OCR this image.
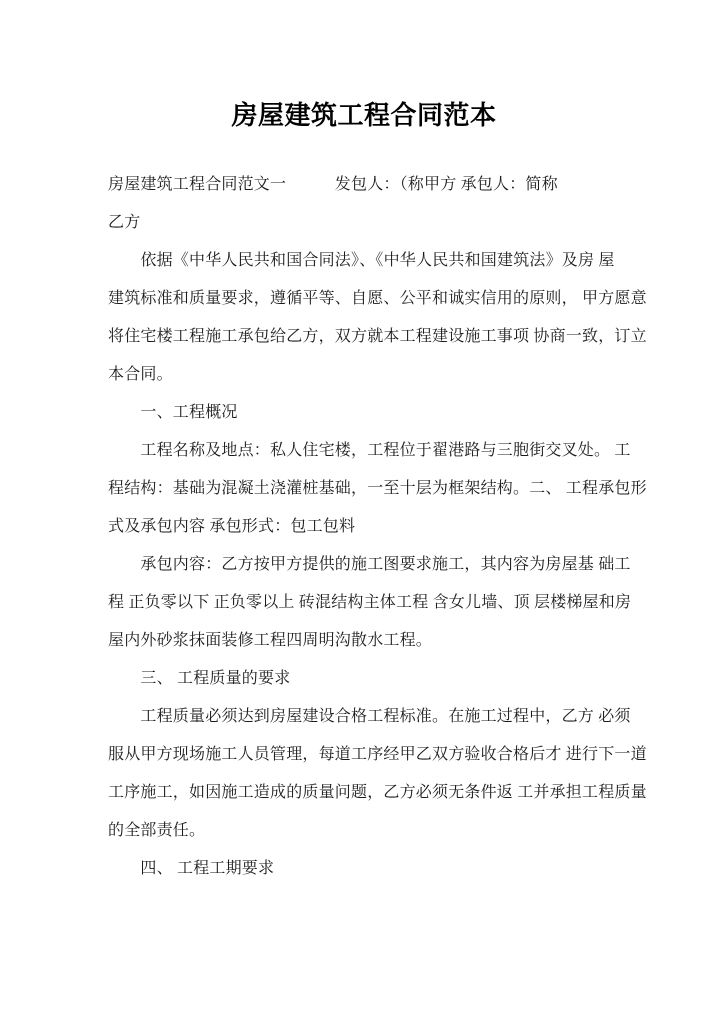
房屋建筑工程合同范本
房屋建筑工程合同范文一　　　发包人：（称甲方 承包人：简称
乙方
　　依据《中华人民共和国合同法》、《中华人民共和国建筑法》及房 屋
建筑标准和质量要求，遵循平等、自愿、公平和诚实信用的原则， 甲方愿意
将住宅楼工程施工承包给乙方，双方就本工程建设施工事项 协商一致，订立
本合同。
　　一、工程概况
　　工程名称及地点：私人住宅楼，工程位于翟港路与三胞街交叉处。 工
程结构：基础为混凝土浇灌桩基础，一至十层为框架结构。二、 工程承包形
式及承包内容 承包形式：包工包料
　　承包内容：乙方按甲方提供的施工图要求施工，其内容为房屋基 础工
程 正负零以下 正负零以上 砖混结构主体工程 含女儿墙、顶 层楼梯屋和房
屋内外砂浆抹面装修工程四周明沟散水工程。
　　三、 工程质量的要求
　　工程质量必须达到房屋建设合格工程标准。在施工过程中，乙方 必须
服从甲方现场施工人员管理，每道工序经甲乙双方验收合格后才 进行下一道
工序施工，如因施工造成的质量问题，乙方必须无条件返 工并承担工程质量
的全部责任。
　　四、 工程工期要求
